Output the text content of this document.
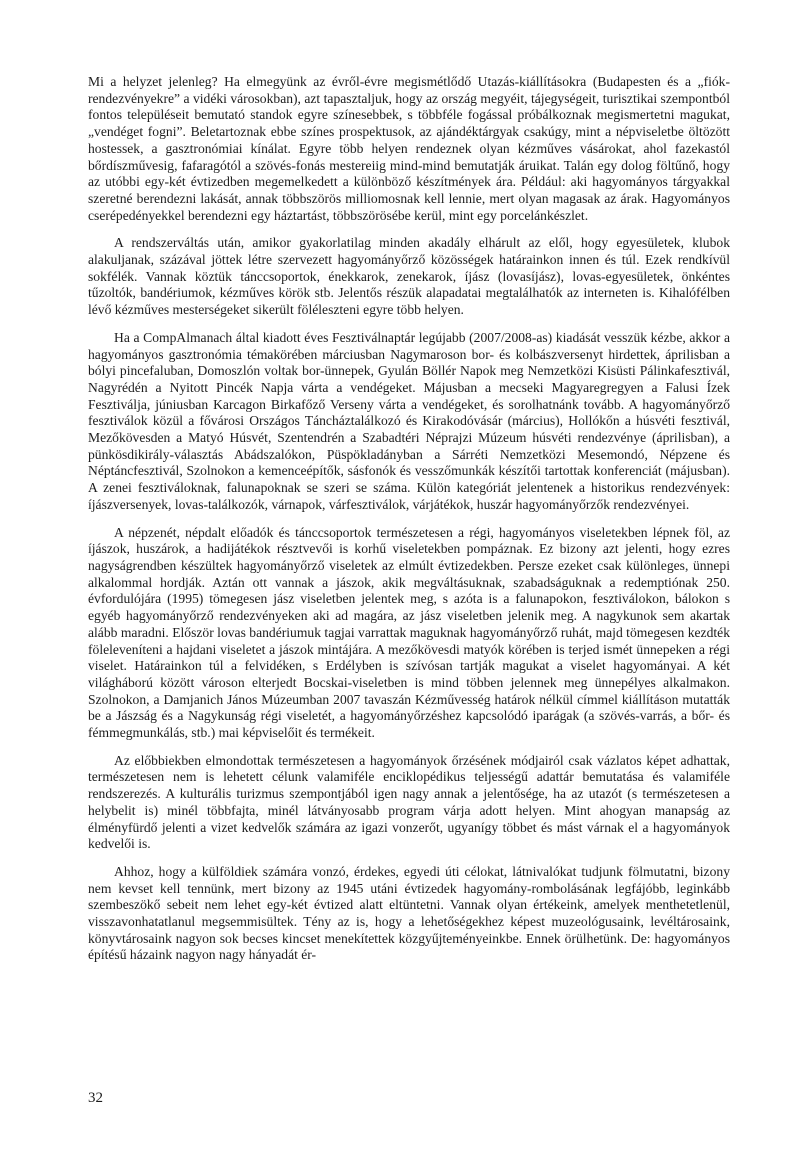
Mi a helyzet jelenleg? Ha elmegyünk az évről-évre megismétlődő Utazás-kiállításokra (Budapesten és a „fiók-rendezvényekre” a vidéki városokban), azt tapasztaljuk, hogy az ország megyéit, tájegységeit, turisztikai szempontból fontos településeit bemutató standok egyre színesebbek, s többféle fogással próbálkoznak megismertetni magukat, „vendéget fogni”. Beletartoznak ebbe színes prospektusok, az ajándéktárgyak csakúgy, mint a népviseletbe öltözött hostessek, a gasztronómiai kínálat. Egyre több helyen rendeznek olyan kézműves vásárokat, ahol fazekastól bőrdíszművesig, fafaragótól a szövés-fonás mestereiig mind-mind bemutatják áruikat. Talán egy dolog föltűnő, hogy az utóbbi egy-két évtizedben megemelkedett a különböző készítmények ára. Például: aki hagyományos tárgyakkal szeretné berendezni lakását, annak többszörös milliomosnak kell lennie, mert olyan magasak az árak. Hagyományos cserépedényekkel berendezni egy háztartást, többszörösébe kerül, mint egy porcelánkészlet.

A rendszerváltás után, amikor gyakorlatilag minden akadály elhárult az elől, hogy egyesületek, klubok alakuljanak, százával jöttek létre szervezett hagyományőrző közösségek határainkon innen és túl. Ezek rendkívül sokfélék. Vannak köztük tánccsoportok, énekkarok, zenekarok, íjász (lovasíjász), lovas-egyesületek, önkéntes tűzoltók, bandériumok, kézműves körök stb. Jelentős részük alapadatai megtalálhatók az interneten is. Kihalófélben lévő kézműves mesterségeket sikerült föléleszteni egyre több helyen.

Ha a CompAlmanach által kiadott éves Fesztiválnaptár legújabb (2007/2008-as) kiadását vesszük kézbe, akkor a hagyományos gasztronómia témakörében márciusban Nagymaroson bor- és kolbászversenyt hirdettek, áprilisban a bólyi pincefaluban, Domoszlón voltak bor-ünnepek, Gyulán Böllér Napok meg Nemzetközi Kisüsti Pálinkafesztivál, Nagyrédén a Nyitott Pincék Napja várta a vendégeket. Májusban a mecseki Magyaregregyen a Falusi Ízek Fesztiválja, júniusban Karcagon Birkafőző Verseny várta a vendégeket, és sorolhatnánk tovább. A hagyományőrző fesztiválok közül a fővárosi Országos Táncháztalálkozó és Kirakodóvásár (március), Hollókőn a húsvéti fesztivál, Mezőkövesden a Matyó Húsvét, Szentendrén a Szabadtéri Néprajzi Múzeum húsvéti rendezvénye (áprilisban), a pünkösdikirály-választás Abádszalókon, Püspökladányban a Sárréti Nemzetközi Mesemondó, Népzene és Néptáncfesztivál, Szolnokon a kemenceépítők, sásfonók és vesszőmunkák készítői tartottak konferenciát (májusban). A zenei fesztiváloknak, falunapoknak se szeri se száma. Külön kategóriát jelentenek a historikus rendezvények: íjászversenyek, lovas-találkozók, várnapok, várfesztiválok, várjátékok, huszár hagyományőrzők rendezvényei.

A népzenét, népdalt előadók és tánccsoportok természetesen a régi, hagyományos viseletekben lépnek föl, az íjászok, huszárok, a hadijátékok résztvevői is korhű viseletekben pompáznak. Ez bizony azt jelenti, hogy ezres nagyságrendben készültek hagyományőrző viseletek az elmúlt évtizedekben. Persze ezeket csak különleges, ünnepi alkalommal hordják. Aztán ott vannak a jászok, akik megváltásuknak, szabadságuknak a redemptiónak 250. évfordulójára (1995) tömegesen jász viseletben jelentek meg, s azóta is a falunapokon, fesztiválokon, bálokon s egyéb hagyományőrző rendezvényeken aki ad magára, az jász viseletben jelenik meg. A nagykunok sem akartak alább maradni. Először lovas bandériumuk tagjai varrattak maguknak hagyományőrző ruhát, majd tömegesen kezdték föleleveníteni a hajdani viseletet a jászok mintájára. A mezőkövesdi matyók körében is terjed ismét ünnepeken a régi viselet. Határainkon túl a felvidéken, s Erdélyben is szívósan tartják magukat a viselet hagyományai. A két világháború között városon elterjedt Bocskai-viseletben is mind többen jelennek meg ünnepélyes alkalmakon. Szolnokon, a Damjanich János Múzeumban 2007 tavaszán Kézművesség határok nélkül címmel kiállításon mutatták be a Jászság és a Nagykunság régi viseletét, a hagyományőrzéshez kapcsolódó iparágak (a szövés-varrás, a bőr- és fémmegmunkálás, stb.) mai képviselőit és termékeit.

Az előbbiekben elmondottak természetesen a hagyományok őrzésének módjairól csak vázlatos képet adhattak, természetesen nem is lehetett célunk valamiféle enciklopédikus teljességű adattár bemutatása és valamiféle rendszerezés. A kulturális turizmus szempontjából igen nagy annak a jelentősége, ha az utazót (s természetesen a helybelit is) minél többfajta, minél látványosabb program várja adott helyen. Mint ahogyan manapság az élményfürdő jelenti a vizet kedvelők számára az igazi vonzerőt, ugyanígy többet és mást várnak el a hagyományok kedvelői is.

Ahhoz, hogy a külföldiek számára vonzó, érdekes, egyedi úti célokat, látnivalókat tudjunk fölmutatni, bizony nem kevset kell tennünk, mert bizony az 1945 utáni évtizedek hagyomány-rombolásának legfájóbb, leginkább szembeszökő sebeit nem lehet egy-két évtized alatt eltüntetni. Vannak olyan értékeink, amelyek menthetetlenül, visszavonhatatlanul megsemmisültek. Tény az is, hogy a lehetőségekhez képest muzeológusaink, levéltárosaink, könyvtárosaink nagyon sok becses kincset menekítettek közgyűjteményeinkbe. Ennek örülhetünk. De: hagyományos építésű házaink nagyon nagy hányadát ér-

32
